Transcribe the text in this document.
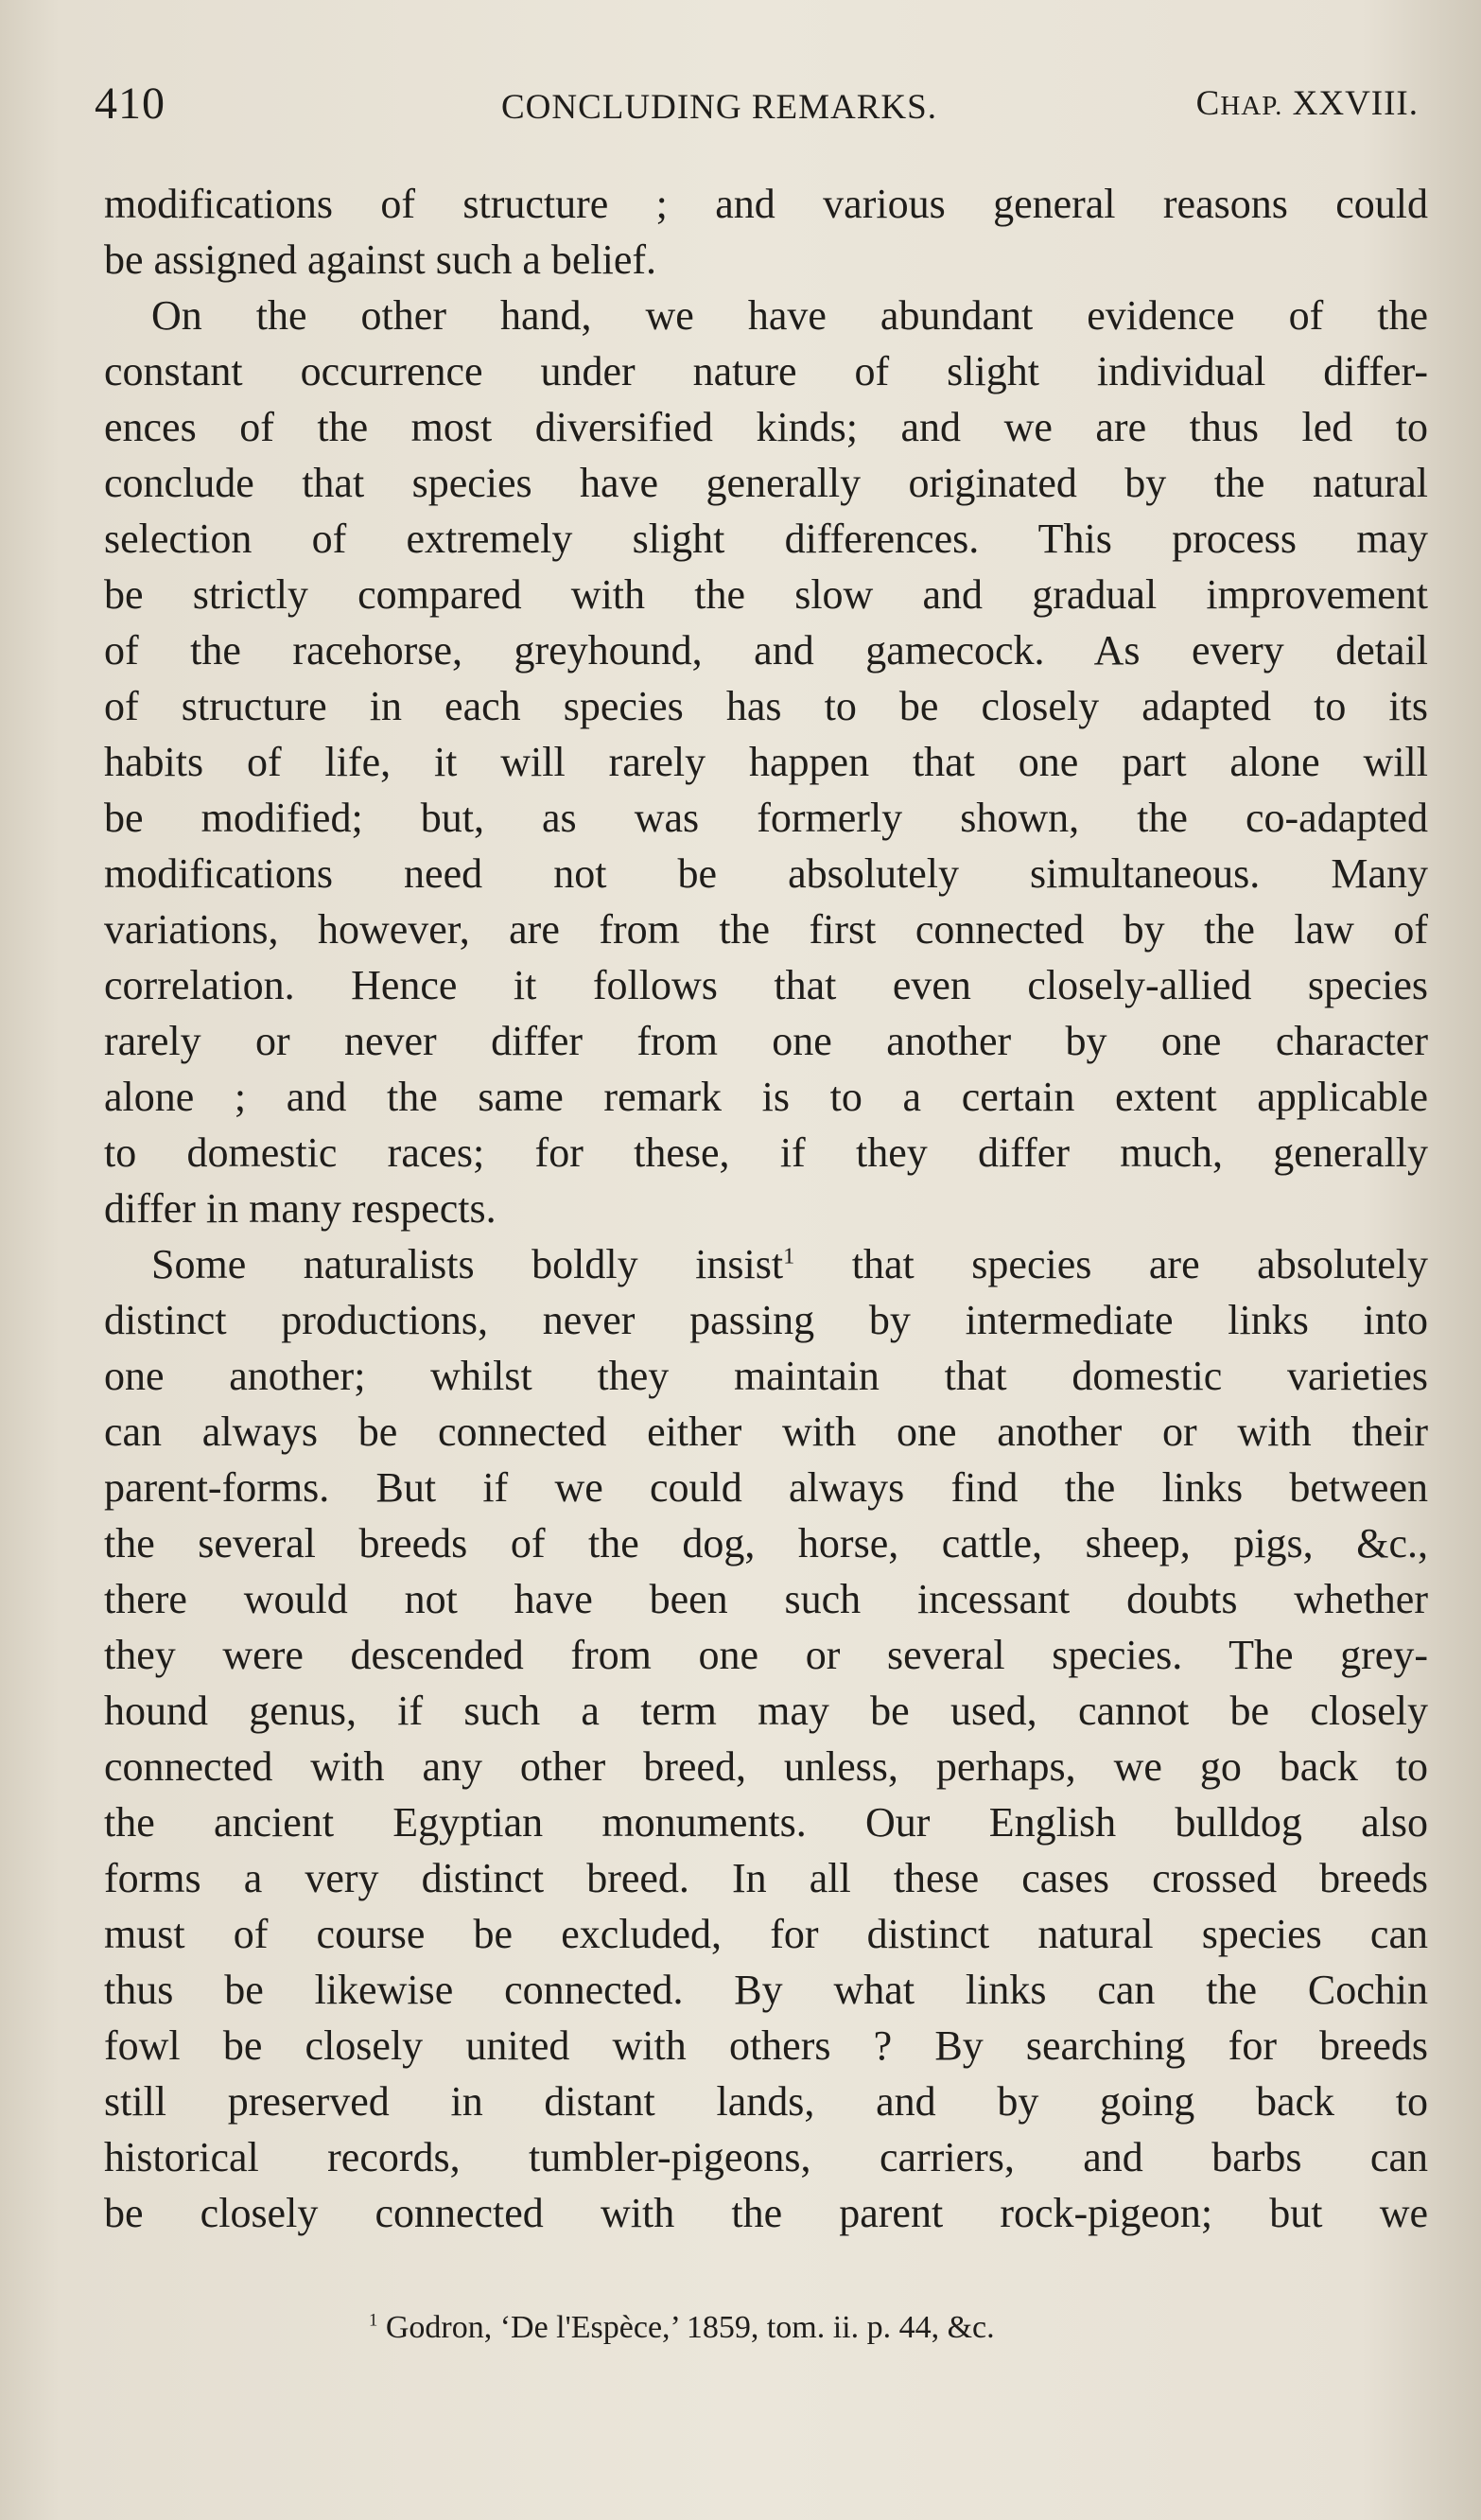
410	CONCLUDING REMARKS.	CHAP. XXVIII.
modifications of structure ; and various general reasons could
be assigned against such a belief.
On the other hand, we have abundant evidence of the
constant occurrence under nature of slight individual differ-
ences of the most diversified kinds; and we are thus led to
conclude that species have generally originated by the natural
selection of extremely slight differences. This process may
be strictly compared with the slow and gradual improvement
of the racehorse, greyhound, and gamecock. As every detail
of structure in each species has to be closely adapted to its
habits of life, it will rarely happen that one part alone will
be modified; but, as was formerly shown, the co-adapted
modifications need not be absolutely simultaneous. Many
variations, however, are from the first connected by the law of
correlation. Hence it follows that even closely-allied species
rarely or never differ from one another by one character
alone ; and the same remark is to a certain extent applicable
to domestic races; for these, if they differ much, generally
differ in many respects.
Some naturalists boldly insist$^1$ that species are absolutely
distinct productions, never passing by intermediate links into
one another; whilst they maintain that domestic varieties
can always be connected either with one another or with their
parent-forms. But if we could always find the links between
the several breeds of the dog, horse, cattle, sheep, pigs, &c.,
there would not have been such incessant doubts whether
they were descended from one or several species. The grey-
hound genus, if such a term may be used, cannot be closely
connected with any other breed, unless, perhaps, we go back to
the ancient Egyptian monuments. Our English bulldog also
forms a very distinct breed. In all these cases crossed breeds
must of course be excluded, for distinct natural species can
thus be likewise connected. By what links can the Cochin
fowl be closely united with others ? By searching for breeds
still preserved in distant lands, and by going back to
historical records, tumbler-pigeons, carriers, and barbs can
be closely connected with the parent rock-pigeon; but we
$^1$ Godron, ‘De l'Espèce,’ 1859, tom. ii. p. 44, &c.
